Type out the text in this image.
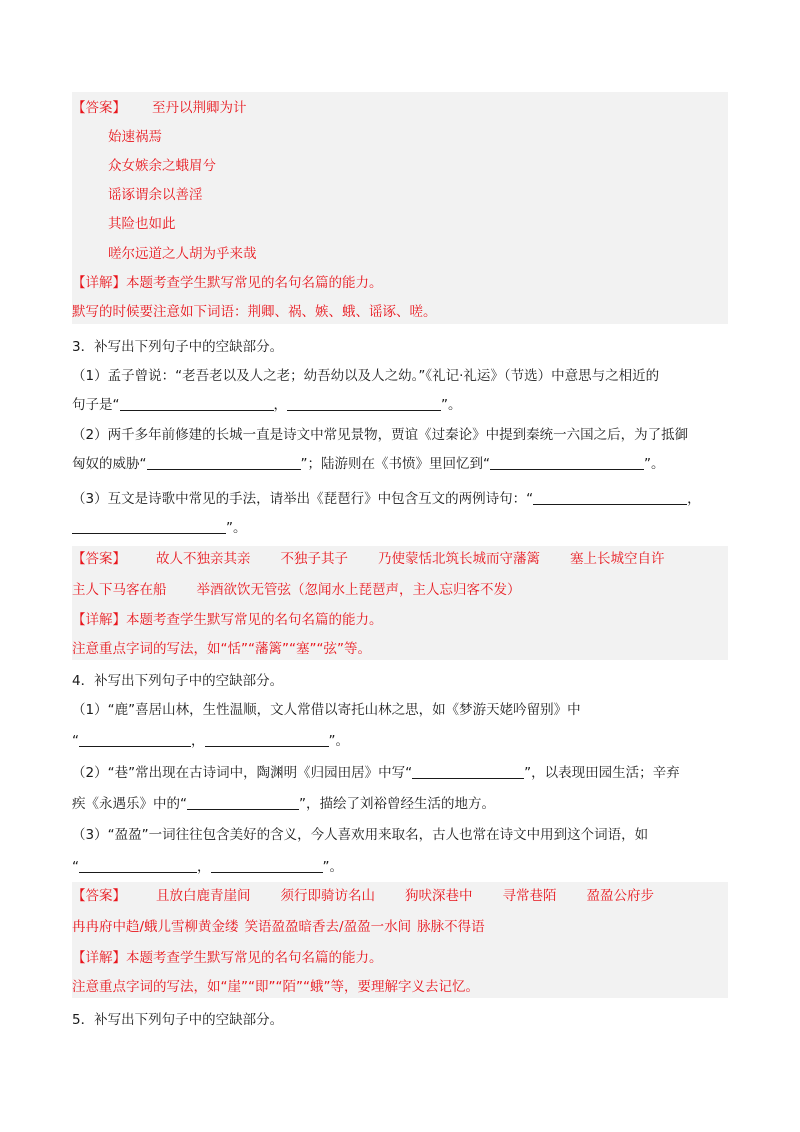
【答案】 至丹以荆卿为计
始速祸焉
众女嫉余之蛾眉兮
谣诼谓余以善淫
其险也如此
嗟尔远道之人胡为乎来哉
【详解】本题考查学生默写常见的名句名篇的能力。
默写的时候要注意如下词语：荆卿、祸、嫉、蛾、谣诼、嗟。
3．补写出下列句子中的空缺部分。
（1）孟子曾说：“老吾老以及人之老；幼吾幼以及人之幼。”《礼记·礼运》（节选）中意思与之相近的
句子是“	，	”。
（2）两千多年前修建的长城一直是诗文中常见景物，贾谊《过秦论》中提到秦统一六国之后，为了抵御
匈奴的威胁“	”；陆游则在《书愤》里回忆到“	”。
（3）互文是诗歌中常见的手法，请举出《琵琶行》中包含互文的两例诗句：“	，
”。
【答案】 故人不独亲其亲 不独子其子 乃使蒙恬北筑长城而守藩篱 塞上长城空自许
主人下马客在船 举酒欲饮无管弦（忽闻水上琵琶声，主人忘归客不发）
【详解】本题考查学生默写常见的名句名篇的能力。
注意重点字词的写法，如“恬”“藩篱”“塞”“弦”等。
4．补写出下列句子中的空缺部分。
（1）“鹿”喜居山林，生性温顺，文人常借以寄托山林之思，如《梦游天姥吟留别》中
“	，	”。
（2）“巷”常出现在古诗词中，陶渊明《归园田居》中写“	”，以表现田园生活；辛弃
疾《永遇乐》中的“	”，描绘了刘裕曾经生活的地方。
（3）“盈盈”一词往往包含美好的含义，今人喜欢用来取名，古人也常在诗文中用到这个词语，如
“	，	”。
【答案】 且放白鹿青崖间 须行即骑访名山 狗吠深巷中 寻常巷陌 盈盈公府步
冉冉府中趋/蛾儿雪柳黄金缕 笑语盈盈暗香去/盈盈一水间 脉脉不得语
【详解】本题考查学生默写常见的名句名篇的能力。
注意重点字词的写法，如“崖”“即”“陌”“蛾”等，要理解字义去记忆。
5．补写出下列句子中的空缺部分。
